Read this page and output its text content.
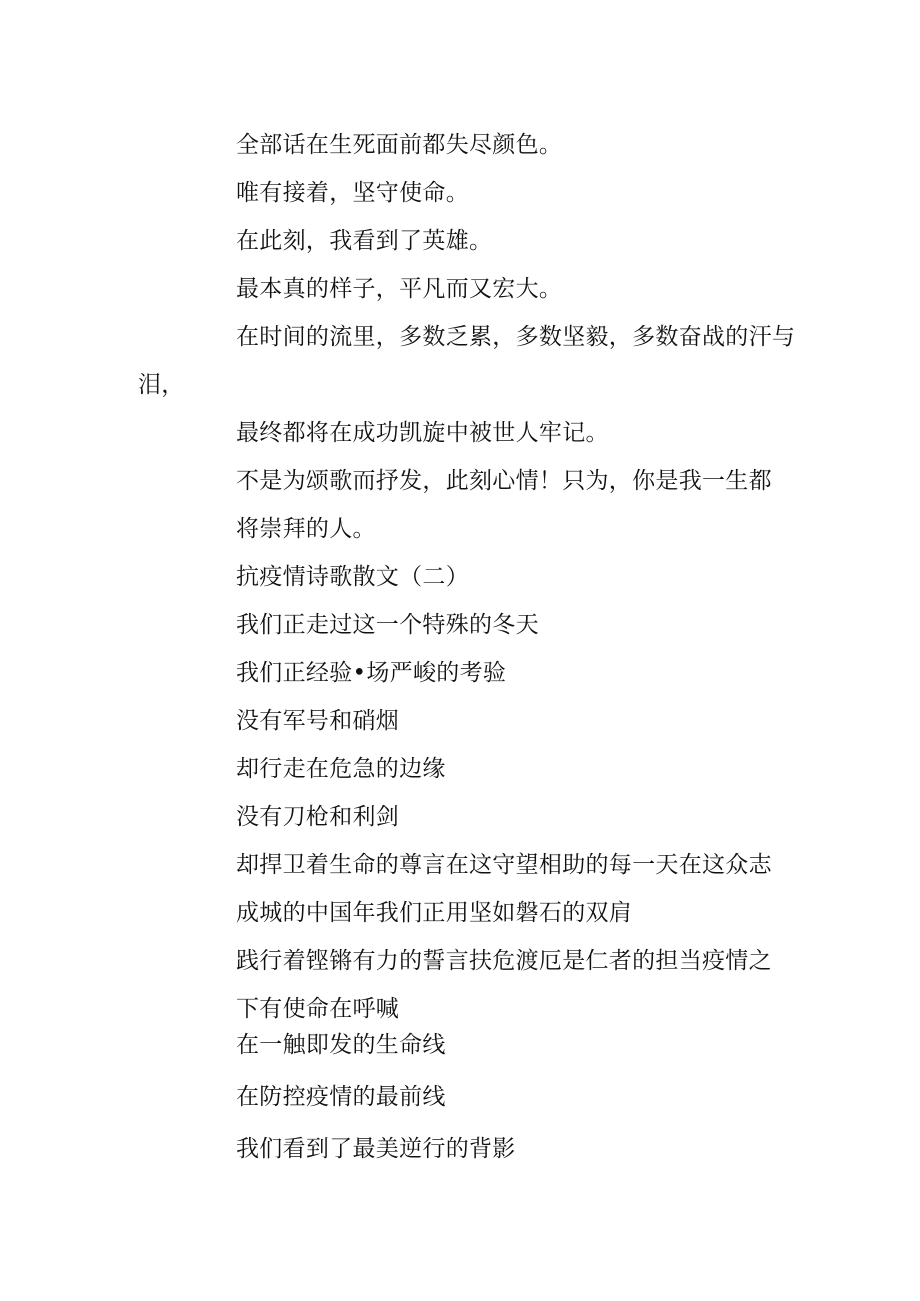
全部话在生死面前都失尽颜色。
唯有接着，坚守使命。
在此刻，我看到了英雄。
最本真的样子，平凡而又宏大。
在时间的流里，多数乏累，多数坚毅，多数奋战的汗与
泪，
最终都将在成功凯旋中被世人牢记。
不是为颂歌而抒发，此刻心情！只为，你是我一生都
将崇拜的人。
抗疫情诗歌散文（二）
我们正走过这一个特殊的冬天
我们正经验•场严峻的考验
没有军号和硝烟
却行走在危急的边缘
没有刀枪和利剑
却捍卫着生命的尊言在这守望相助的每一天在这众志
成城的中国年我们正用坚如磐石的双肩
践行着铿锵有力的誓言扶危渡厄是仁者的担当疫情之
下有使命在呼喊
在一触即发的生命线
在防控疫情的最前线
我们看到了最美逆行的背影
